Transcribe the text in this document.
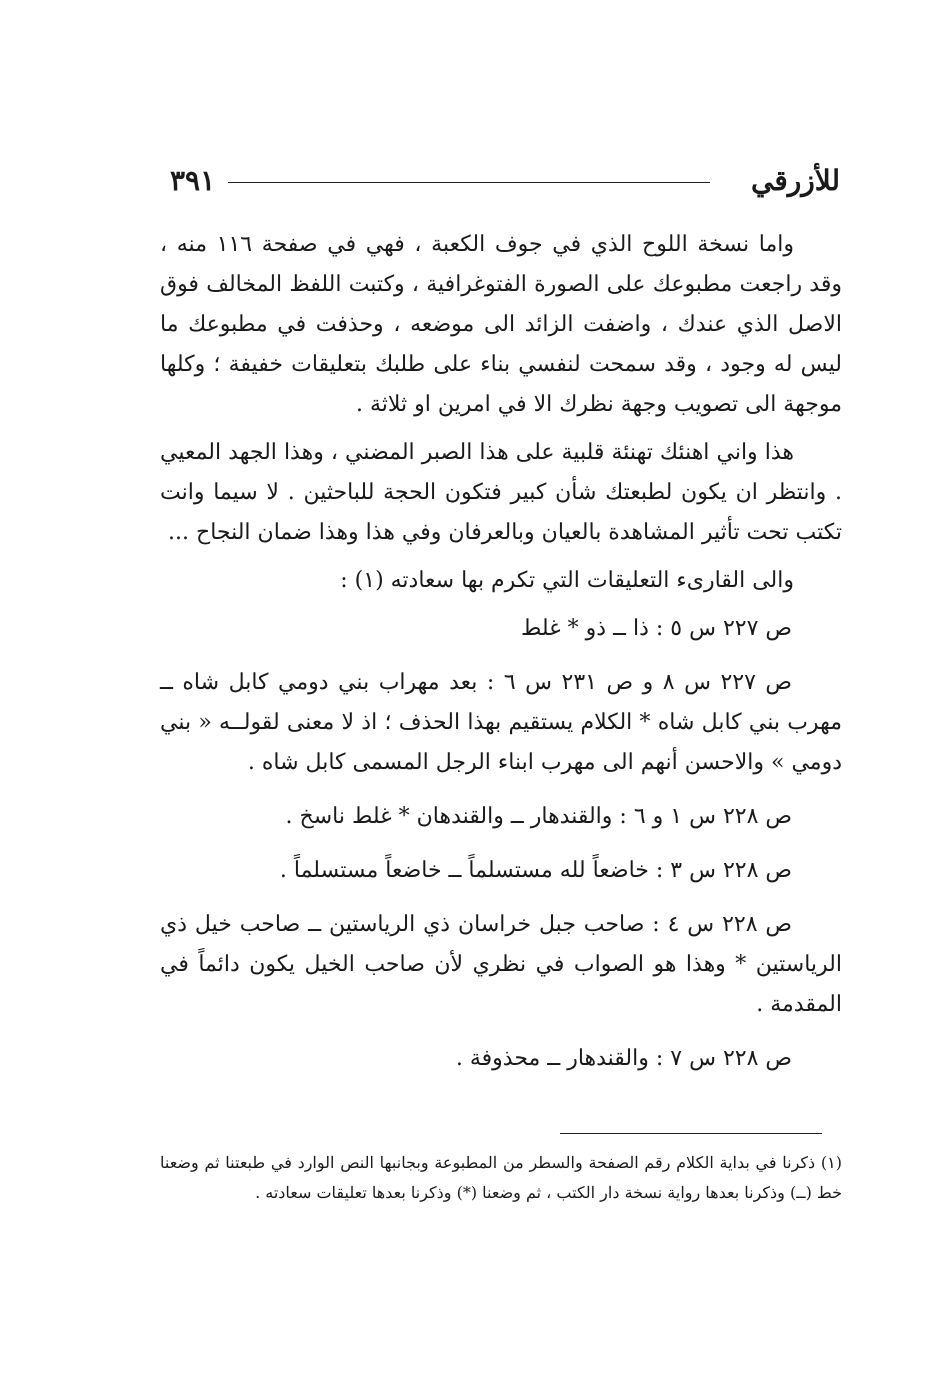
للأزرقي
٣٩١

واما نسخة اللوح الذي في جوف الكعبة ، فهي في صفحة ١١٦ منه ، وقد راجعت مطبوعك على الصورة الفتوغرافية ، وكتبت اللفظ المخالف فوق الاصل الذي عندك ، واضفت الزائد الى موضعه ، وحذفت في مطبوعك ما ليس له وجود ، وقد سمحت لنفسي بناء على طلبك بتعليقات خفيفة ؛ وكلها موجهة الى تصويب وجهة نظرك الا في امرين او ثلاثة .

هذا واني اهنئك تهنئة قلبية على هذا الصبر المضني ، وهذا الجهد المعيي . وانتظر ان يكون لطبعتك شأن كبير فتكون الحجة للباحثين . لا سيما وانت تكتب تحت تأثير المشاهدة بالعيان وبالعرفان وفي هذا وهذا ضمان النجاح ...

والى القارىء التعليقات التي تكرم بها سعادته (١) :

ص ٢٢٧ س ٥ : ذا ــ ذو * غلط

ص ٢٢٧ س ٨ و ص ٢٣١ س ٦ : بعد مهراب بني دومي كابل شاه ــ مهرب بني كابل شاه * الكلام يستقيم بهذا الحذف ؛ اذ لا معنى لقولــه « بني دومي » والاحسن أنهم الى مهرب ابناء الرجل المسمى كابل شاه .

ص ٢٢٨ س ١ و ٦ : والقندهار ــ والقندهان * غلط ناسخ .

ص ٢٢٨ س ٣ : خاضعاً لله مستسلماً ــ خاضعاً مستسلماً .

ص ٢٢٨ س ٤ : صاحب جبل خراسان ذي الرياستين ــ صاحب خيل ذي الرياستين * وهذا هو الصواب في نظري لأن صاحب الخيل يكون دائماً في المقدمة .

ص ٢٢٨ س ٧ : والقندهار ــ محذوفة .

(١) ذكرنا في بداية الكلام رقم الصفحة والسطر من المطبوعة وبجانبها النص الوارد في طبعتنا ثم وضعنا خط (ــ) وذكرنا بعدها رواية نسخة دار الكتب ، ثم وضعنا (*) وذكرنا بعدها تعليقات سعادته .
